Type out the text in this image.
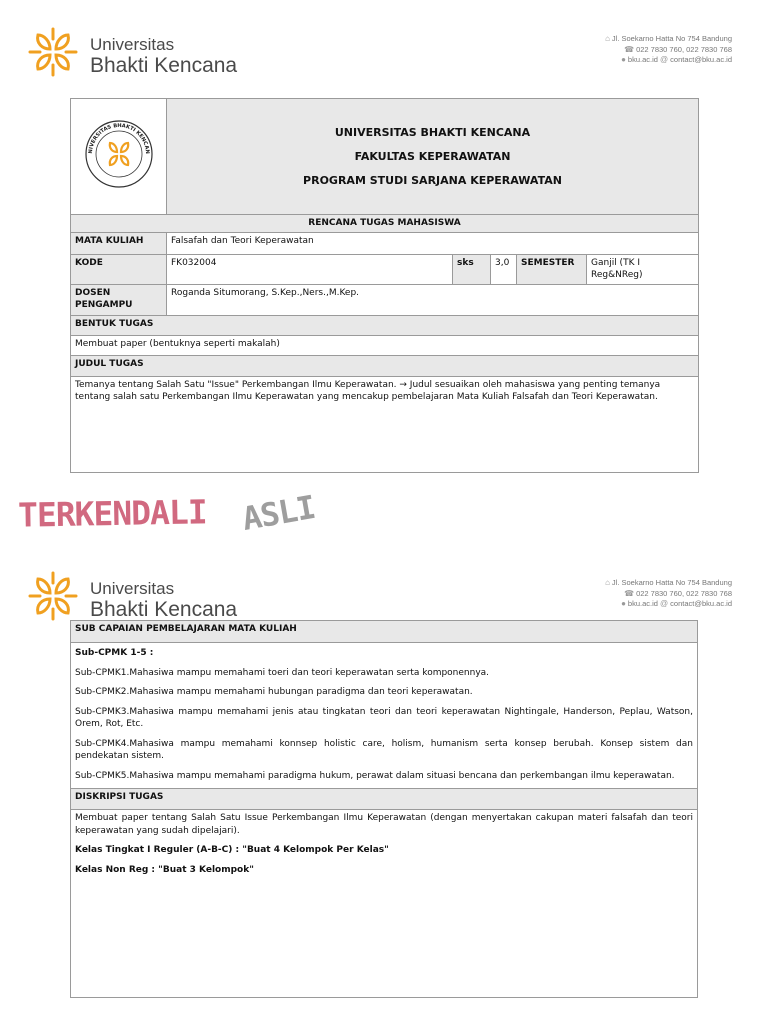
Universitas
Bhakti Kencana
⌂ Jl. Soekarno Hatta No 754 Bandung
☎ 022 7830 760, 022 7830 768
● bku.ac.id @ contact@bku.ac.id
NIVERSITAS BHAKTI KENCAN	UNIVERSITAS BHAKTI KENCANA
FAKULTAS KEPERAWATAN
PROGRAM STUDI SARJANA KEPERAWATAN				

RENCANA TUGAS MAHASISWA					
MATA KULIAH	Falsafah dan Teori Keperawatan				
KODE	FK032004	sks	3,0	SEMESTER	Ganjil (TK I Reg&NReg)
DOSEN PENGAMPU	Roganda Situmorang, S.Kep.,Ners.,M.Kep.				
BENTUK TUGAS					
Membuat paper (bentuknya seperti makalah)					
JUDUL TUGAS					
Temanya tentang Salah Satu "Issue" Perkembangan Ilmu Keperawatan. → Judul sesuaikan oleh mahasiswa yang penting temanya tentang salah satu Perkembangan Ilmu Keperawatan yang mencakup pembelajaran Mata Kuliah Falsafah dan Teori Keperawatan.					
TERKENDALI ASLI
Universitas
Bhakti Kencana
⌂ Jl. Soekarno Hatta No 754 Bandung
☎ 022 7830 760, 022 7830 768
● bku.ac.id @ contact@bku.ac.id
SUB CAPAIAN PEMBELAJARAN MATA KULIAH

Sub-CPMK 1-5 :

Sub-CPMK1.Mahasiwa mampu memahami toeri dan teori keperawatan serta komponennya.

Sub-CPMK2.Mahasiwa mampu memahami hubungan paradigma dan teori keperawatan.

Sub-CPMK3.Mahasiwa mampu memahami jenis atau tingkatan teori dan teori keperawatan Nightingale, Handerson, Peplau, Watson, Orem, Rot, Etc.

Sub-CPMK4.Mahasiwa mampu memahami konnsep holistic care, holism, humanism serta konsep berubah. Konsep sistem dan pendekatan sistem.

Sub-CPMK5.Mahasiwa mampu memahami paradigma hukum, perawat dalam situasi bencana dan perkembangan ilmu keperawatan.

DISKRIPSI TUGAS

Membuat paper tentang Salah Satu Issue Perkembangan Ilmu Keperawatan (dengan menyertakan cakupan materi falsafah dan teori keperawatan yang sudah dipelajari).

Kelas Tingkat I Reguler (A-B-C) : "Buat 4 Kelompok Per Kelas"

Kelas Non Reg : "Buat 3 Kelompok"
